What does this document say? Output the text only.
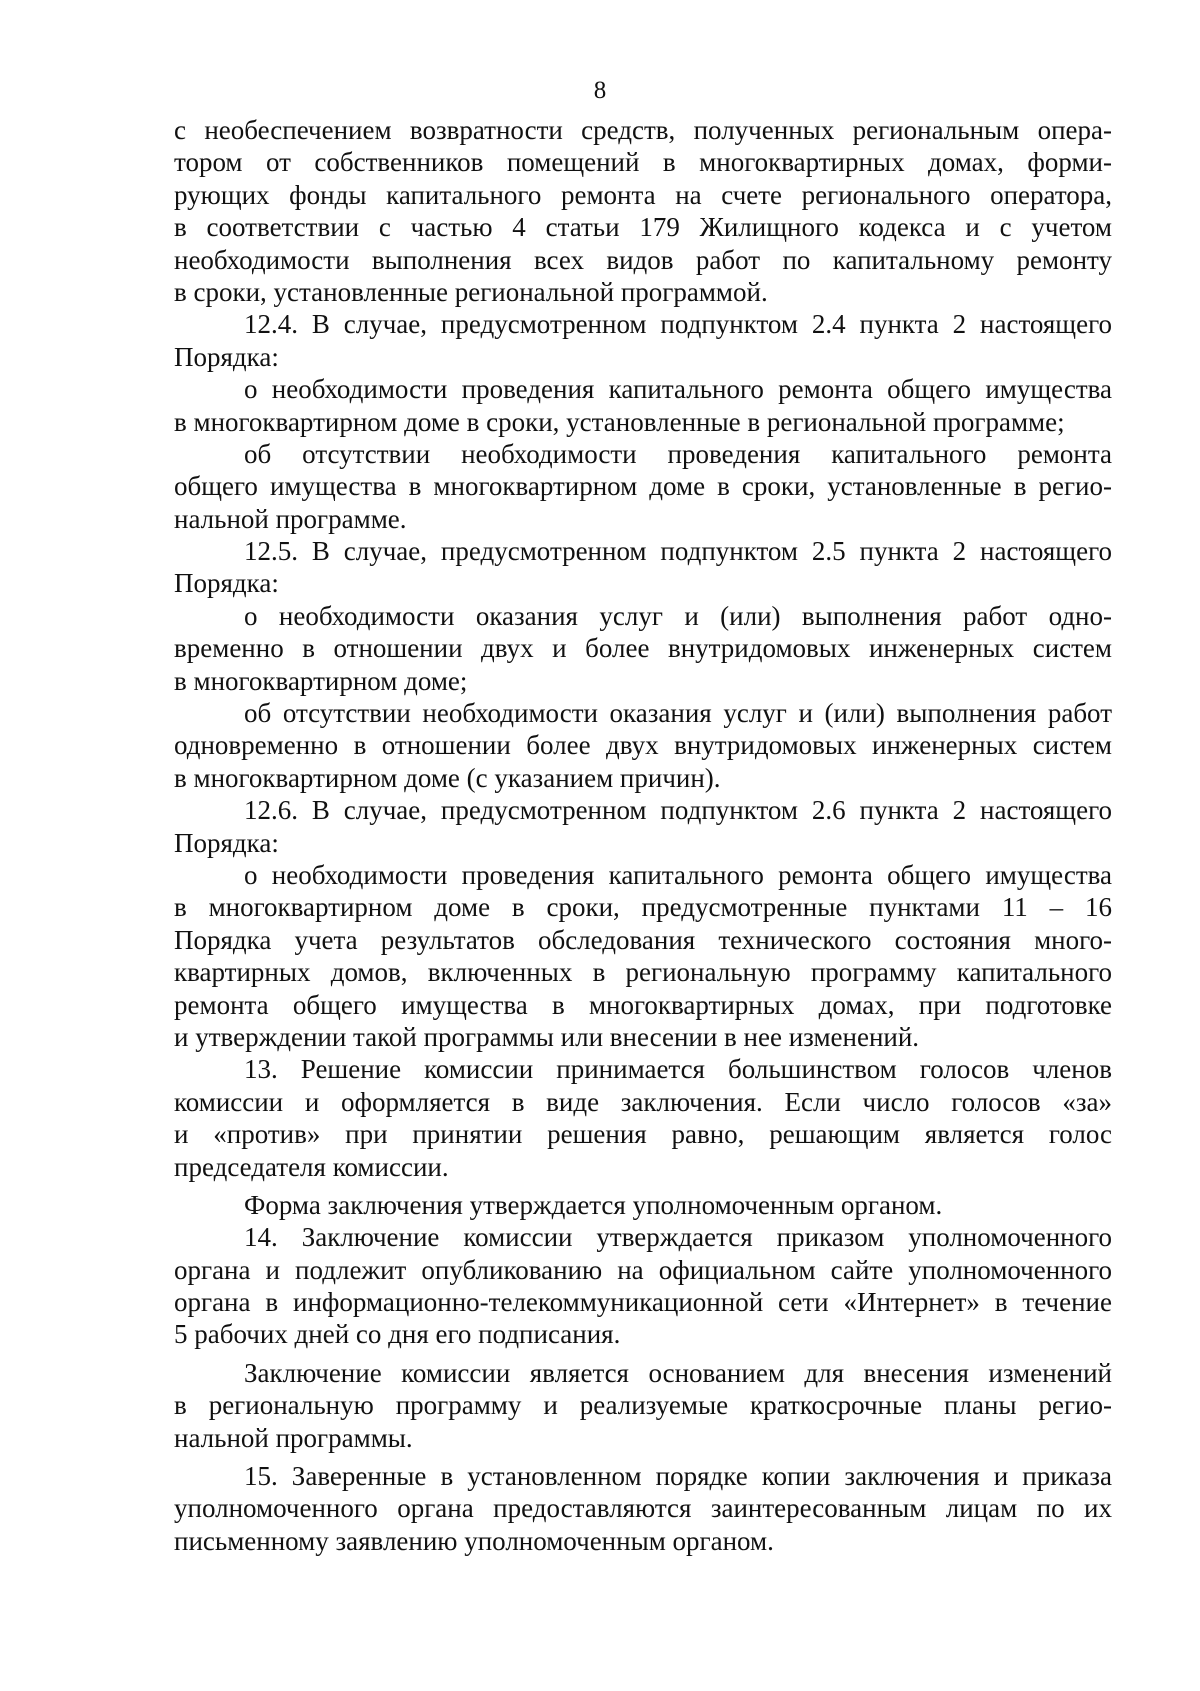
8
с необеспечением возвратности средств, полученных региональным опера-
тором от собственников помещений в многоквартирных домах, форми-
рующих фонды капитального ремонта на счете регионального оператора,
в соответствии с частью 4 статьи 179 Жилищного кодекса и с учетом
необходимости выполнения всех видов работ по капитальному ремонту
в сроки, установленные региональной программой.
12.4. В случае, предусмотренном подпунктом 2.4 пункта 2 настоящего
Порядка:
о необходимости проведения капитального ремонта общего имущества
в многоквартирном доме в сроки, установленные в региональной программе;
об отсутствии необходимости проведения капитального ремонта
общего имущества в многоквартирном доме в сроки, установленные в регио-
нальной программе.
12.5. В случае, предусмотренном подпунктом 2.5 пункта 2 настоящего
Порядка:
о необходимости оказания услуг и (или) выполнения работ одно-
временно в отношении двух и более внутридомовых инженерных систем
в многоквартирном доме;
об отсутствии необходимости оказания услуг и (или) выполнения работ
одновременно в отношении более двух внутридомовых инженерных систем
в многоквартирном доме (с указанием причин).
12.6. В случае, предусмотренном подпунктом 2.6 пункта 2 настоящего
Порядка:
о необходимости проведения капитального ремонта общего имущества
в многоквартирном доме в сроки, предусмотренные пунктами 11 – 16
Порядка учета результатов обследования технического состояния много-
квартирных домов, включенных в региональную программу капитального
ремонта общего имущества в многоквартирных домах, при подготовке
и утверждении такой программы или внесении в нее изменений.
13. Решение комиссии принимается большинством голосов членов
комиссии и оформляется в виде заключения. Если число голосов «за»
и «против» при принятии решения равно, решающим является голос
председателя комиссии.
Форма заключения утверждается уполномоченным органом.
14. Заключение комиссии утверждается приказом уполномоченного
органа и подлежит опубликованию на официальном сайте уполномоченного
органа в информационно-телекоммуникационной сети «Интернет» в течение
5 рабочих дней со дня его подписания.
Заключение комиссии является основанием для внесения изменений
в региональную программу и реализуемые краткосрочные планы регио-
нальной программы.
15. Заверенные в установленном порядке копии заключения и приказа
уполномоченного органа предоставляются заинтересованным лицам по их
письменному заявлению уполномоченным органом.
